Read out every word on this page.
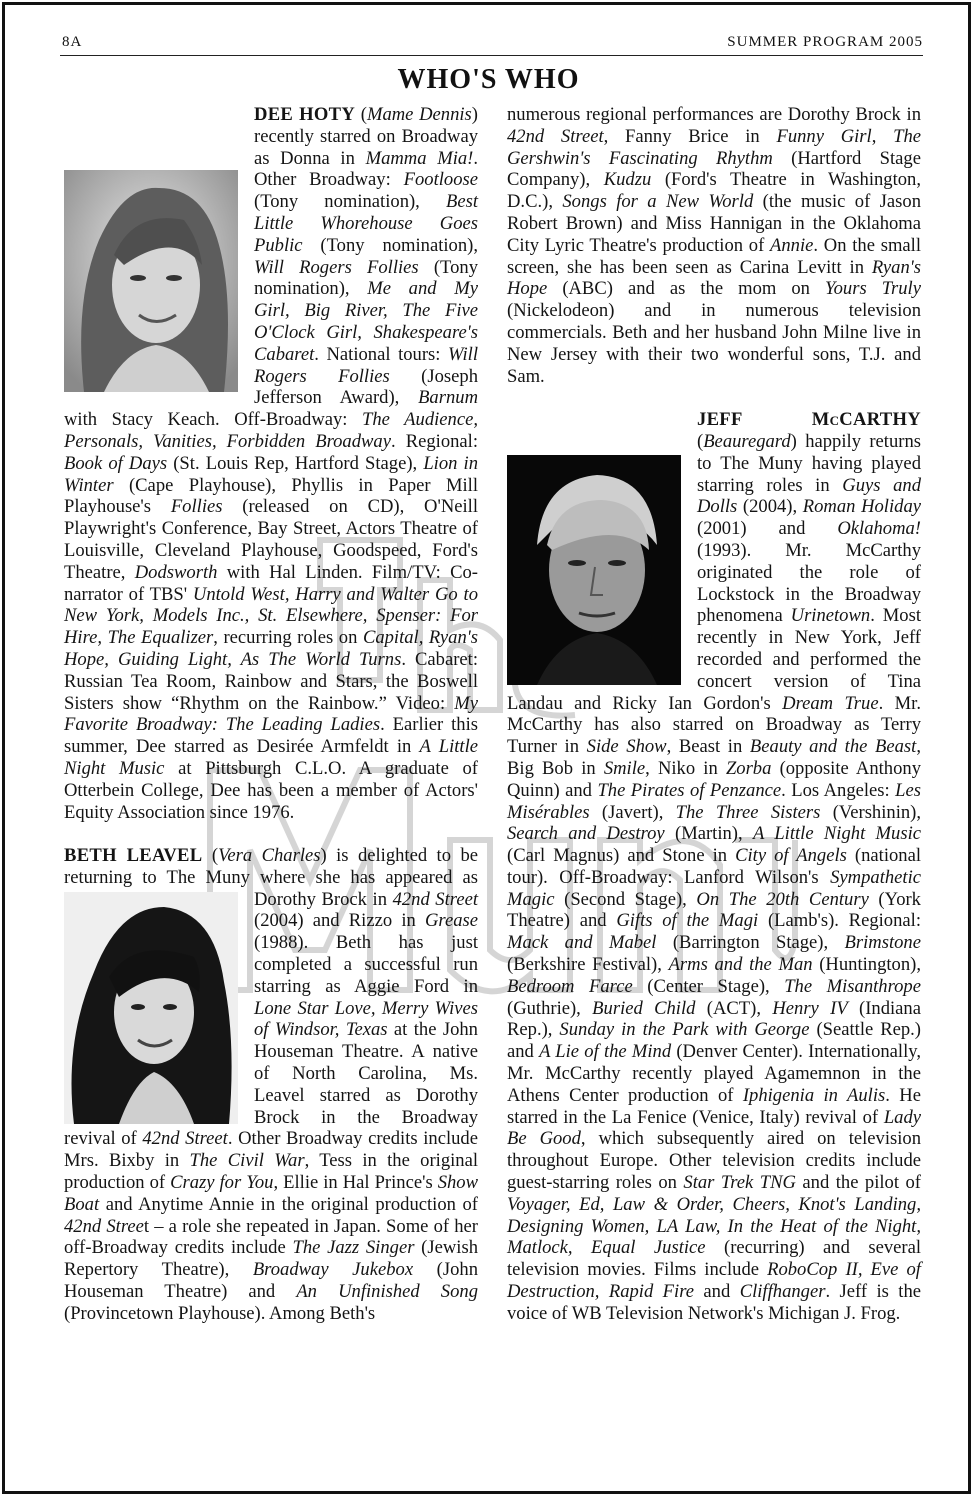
8A	SUMMER PROGRAM 2005
WHO'S WHO

DEE HOTY (Mame Dennis) recently starred on Broadway as Donna in Mamma Mia!. Other Broadway: Footloose (Tony nomination), Best Little Whorehouse Goes Public (Tony nomination), Will Rogers Follies (Tony nomination), Me and My Girl, Big River, The Five O'Clock Girl, Shakespeare's Cabaret. National tours: Will Rogers Follies (Joseph Jefferson Award), Barnum with Stacy Keach. Off-Broadway: The Audience, Personals, Vanities, Forbidden Broadway. Regional: Book of Days (St. Louis Rep, Hartford Stage), Lion in Winter (Cape Playhouse), Phyllis in Paper Mill Playhouse's Follies (released on CD), O'Neill Playwright's Conference, Bay Street, Actors Theatre of Louisville, Cleveland Playhouse, Goodspeed, Ford's Theatre, Dodsworth with Hal Linden. Film/TV: Co-narrator of TBS' Untold West, Harry and Walter Go to New York, Models Inc., St. Elsewhere, Spenser: For Hire, The Equalizer, recurring roles on Capital, Ryan's Hope, Guiding Light, As The World Turns. Cabaret: Russian Tea Room, Rainbow and Stars, the Boswell Sisters show “Rhythm on the Rainbow.” Video: My Favorite Broadway: The Leading Ladies. Earlier this summer, Dee starred as Desirée Armfeldt in A Little Night Music at Pittsburgh C.L.O. A graduate of Otterbein College, Dee has been a member of Actors' Equity Association since 1976.

BETH LEAVEL (Vera Charles) is delighted to be returning to The Muny where she has
appeared as Dorothy Brock in 42nd Street (2004) and Rizzo in Grease (1988). Beth has just completed a successful run starring as Aggie Ford in Lone Star Love, Merry Wives of Windsor, Texas at the John Houseman Theatre. A native of North Carolina, Ms. Leavel starred as Dorothy Brock in the Broadway revival of 42nd Street. Other Broadway credits include Mrs. Bixby in The Civil War, Tess in the original production of Crazy for You, Ellie in Hal Prince's Show Boat and Anytime Annie in the original production of 42nd Street – a role she repeated in Japan. Some of her off-Broadway credits include The Jazz Singer (Jewish Repertory Theatre), Broadway Jukebox (John Houseman Theatre) and An Unfinished Song (Provincetown Playhouse). Among Beth's

numerous regional performances are Dorothy Brock in 42nd Street, Fanny Brice in Funny Girl, The Gershwin's Fascinating Rhythm (Hartford Stage Company), Kudzu (Ford's Theatre in Washington, D.C.), Songs for a New World (the music of Jason Robert Brown) and Miss Hannigan in the Oklahoma City Lyric Theatre's production of Annie. On the small screen, she has been seen as Carina Levitt in Ryan's Hope (ABC) and as the mom on Yours Truly (Nickelodeon) and in numerous television commercials. Beth and her husband John Milne live in New Jersey with their two wonderful sons, T.J. and Sam.

JEFF McCARTHY (Beauregard) happily returns to The Muny having played starring roles in Guys and Dolls (2004), Roman Holiday (2001) and Oklahoma! (1993). Mr. McCarthy originated the role of Lockstock in the Broadway phenomena Urinetown. Most recently in New York, Jeff recorded and performed the concert version of Tina Landau and Ricky Ian Gordon's Dream True. Mr. McCarthy has also starred on Broadway as Terry Turner in Side Show, Beast in Beauty and the Beast, Big Bob in Smile, Niko in Zorba (opposite Anthony Quinn) and The Pirates of Penzance. Los Angeles: Les Misérables (Javert), The Three Sisters (Vershinin), Search and Destroy (Martin), A Little Night Music (Carl Magnus) and Stone in City of Angels (national tour). Off-Broadway: Lanford Wilson's Sympathetic Magic (Second Stage), On The 20th Century (York Theatre) and Gifts of the Magi (Lamb's). Regional: Mack and Mabel (Barrington Stage), Brimstone (Berkshire Festival), Arms and the Man (Huntington), Bedroom Farce (Center Stage), The Misanthrope (Guthrie), Buried Child (ACT), Henry IV (Indiana Rep.), Sunday in the Park with George (Seattle Rep.) and A Lie of the Mind (Denver Center). Internationally, Mr. McCarthy recently played Agamemnon in the Athens Center production of Iphigenia in Aulis. He starred in the La Fenice (Venice, Italy) revival of Lady Be Good, which subsequently aired on television throughout Europe. Other television credits include guest-starring roles on Star Trek TNG and the pilot of Voyager, Ed, Law & Order, Cheers, Knot's Landing, Designing Women, LA Law, In the Heat of the Night, Matlock, Equal Justice (recurring) and several television movies. Films include RoboCop II, Eve of Destruction, Rapid Fire and Cliffhanger. Jeff is the voice of WB Television Network's Michigan J. Frog.
